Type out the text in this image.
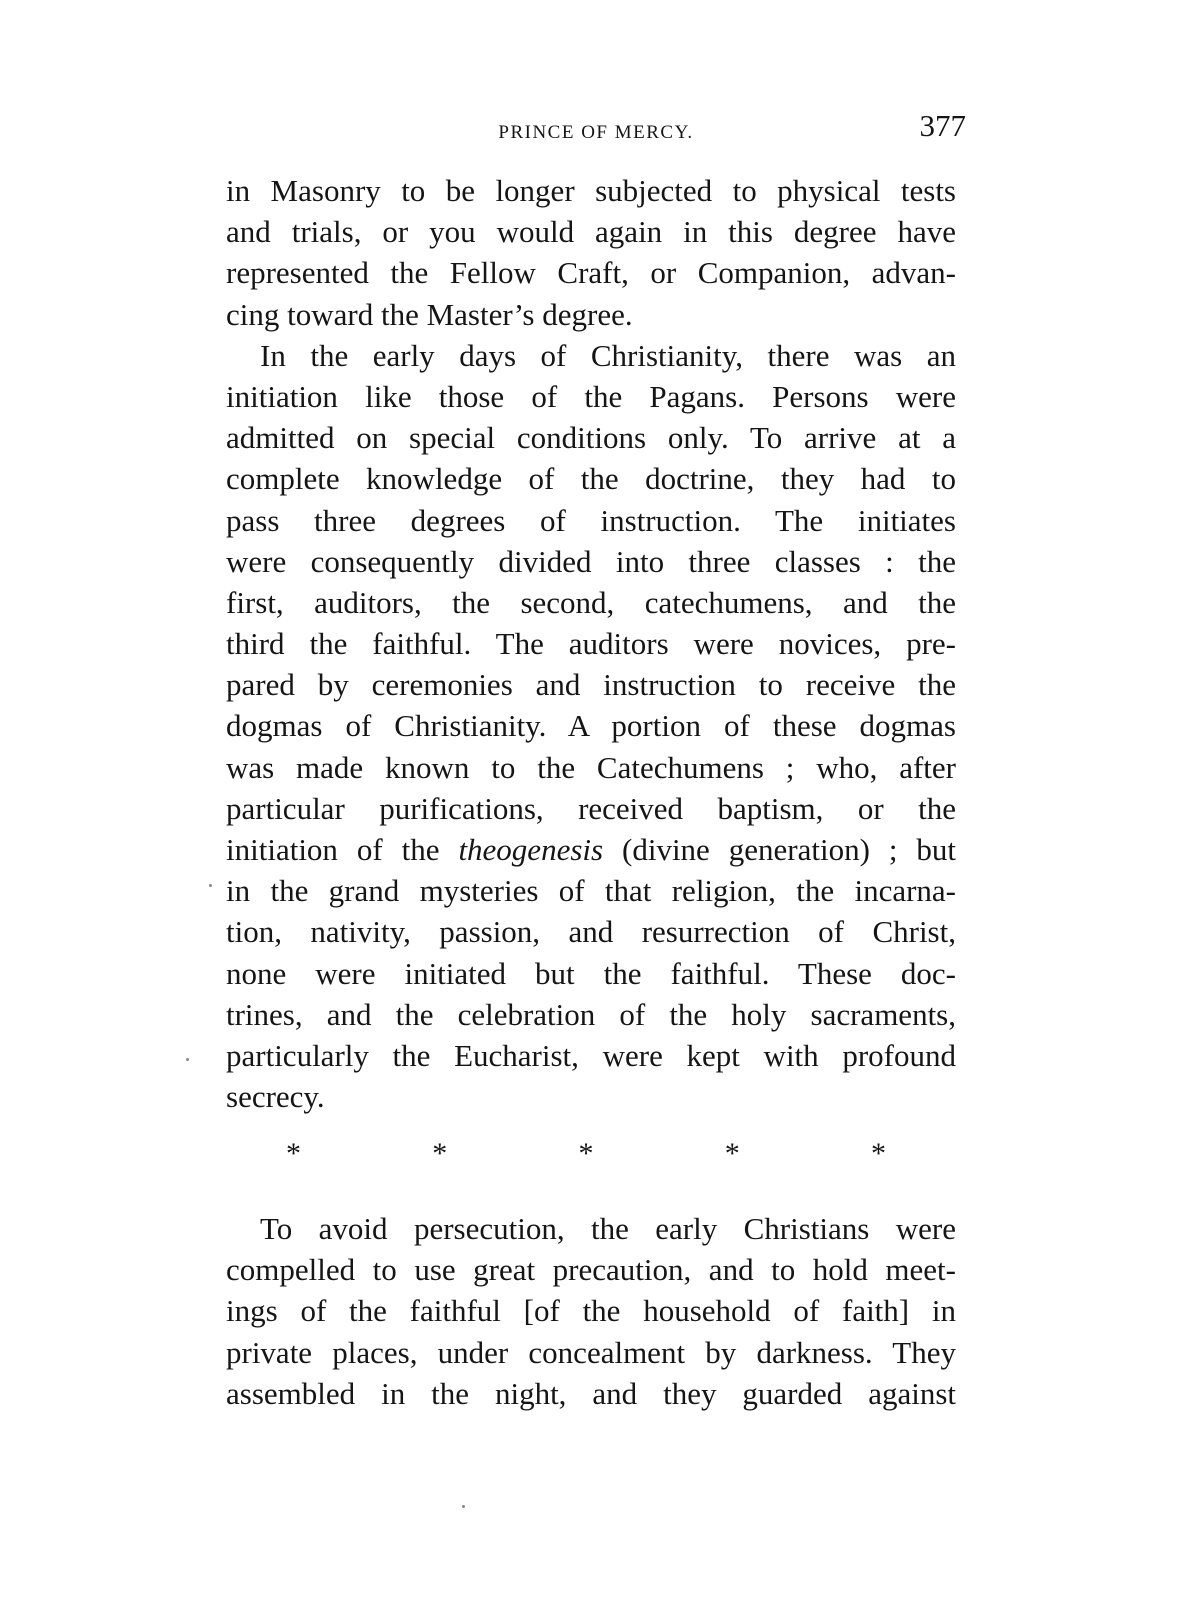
PRINCE OF MERCY.	377
in Masonry to be longer subjected to physical tests
and trials, or you would again in this degree have
represented the Fellow Craft, or Companion, advan-
cing toward the Master’s degree.
In the early days of Christianity, there was an
initiation like those of the Pagans. Persons were
admitted on special conditions only. To arrive at a
complete knowledge of the doctrine, they had to
pass three degrees of instruction. The initiates
were consequently divided into three classes : the
first, auditors, the second, catechumens, and the
third the faithful. The auditors were novices, pre-
pared by ceremonies and instruction to receive the
dogmas of Christianity. A portion of these dogmas
was made known to the Catechumens ; who, after
particular purifications, received baptism, or the
initiation of the theogenesis (divine generation) ; but
in the grand mysteries of that religion, the incarna-
tion, nativity, passion, and resurrection of Christ,
none were initiated but the faithful. These doc-
trines, and the celebration of the holy sacraments,
particularly the Eucharist, were kept with profound
secrecy.
*	*	*	*	*
To avoid persecution, the early Christians were
compelled to use great precaution, and to hold meet-
ings of the faithful [of the household of faith] in
private places, under concealment by darkness. They
assembled in the night, and they guarded against
